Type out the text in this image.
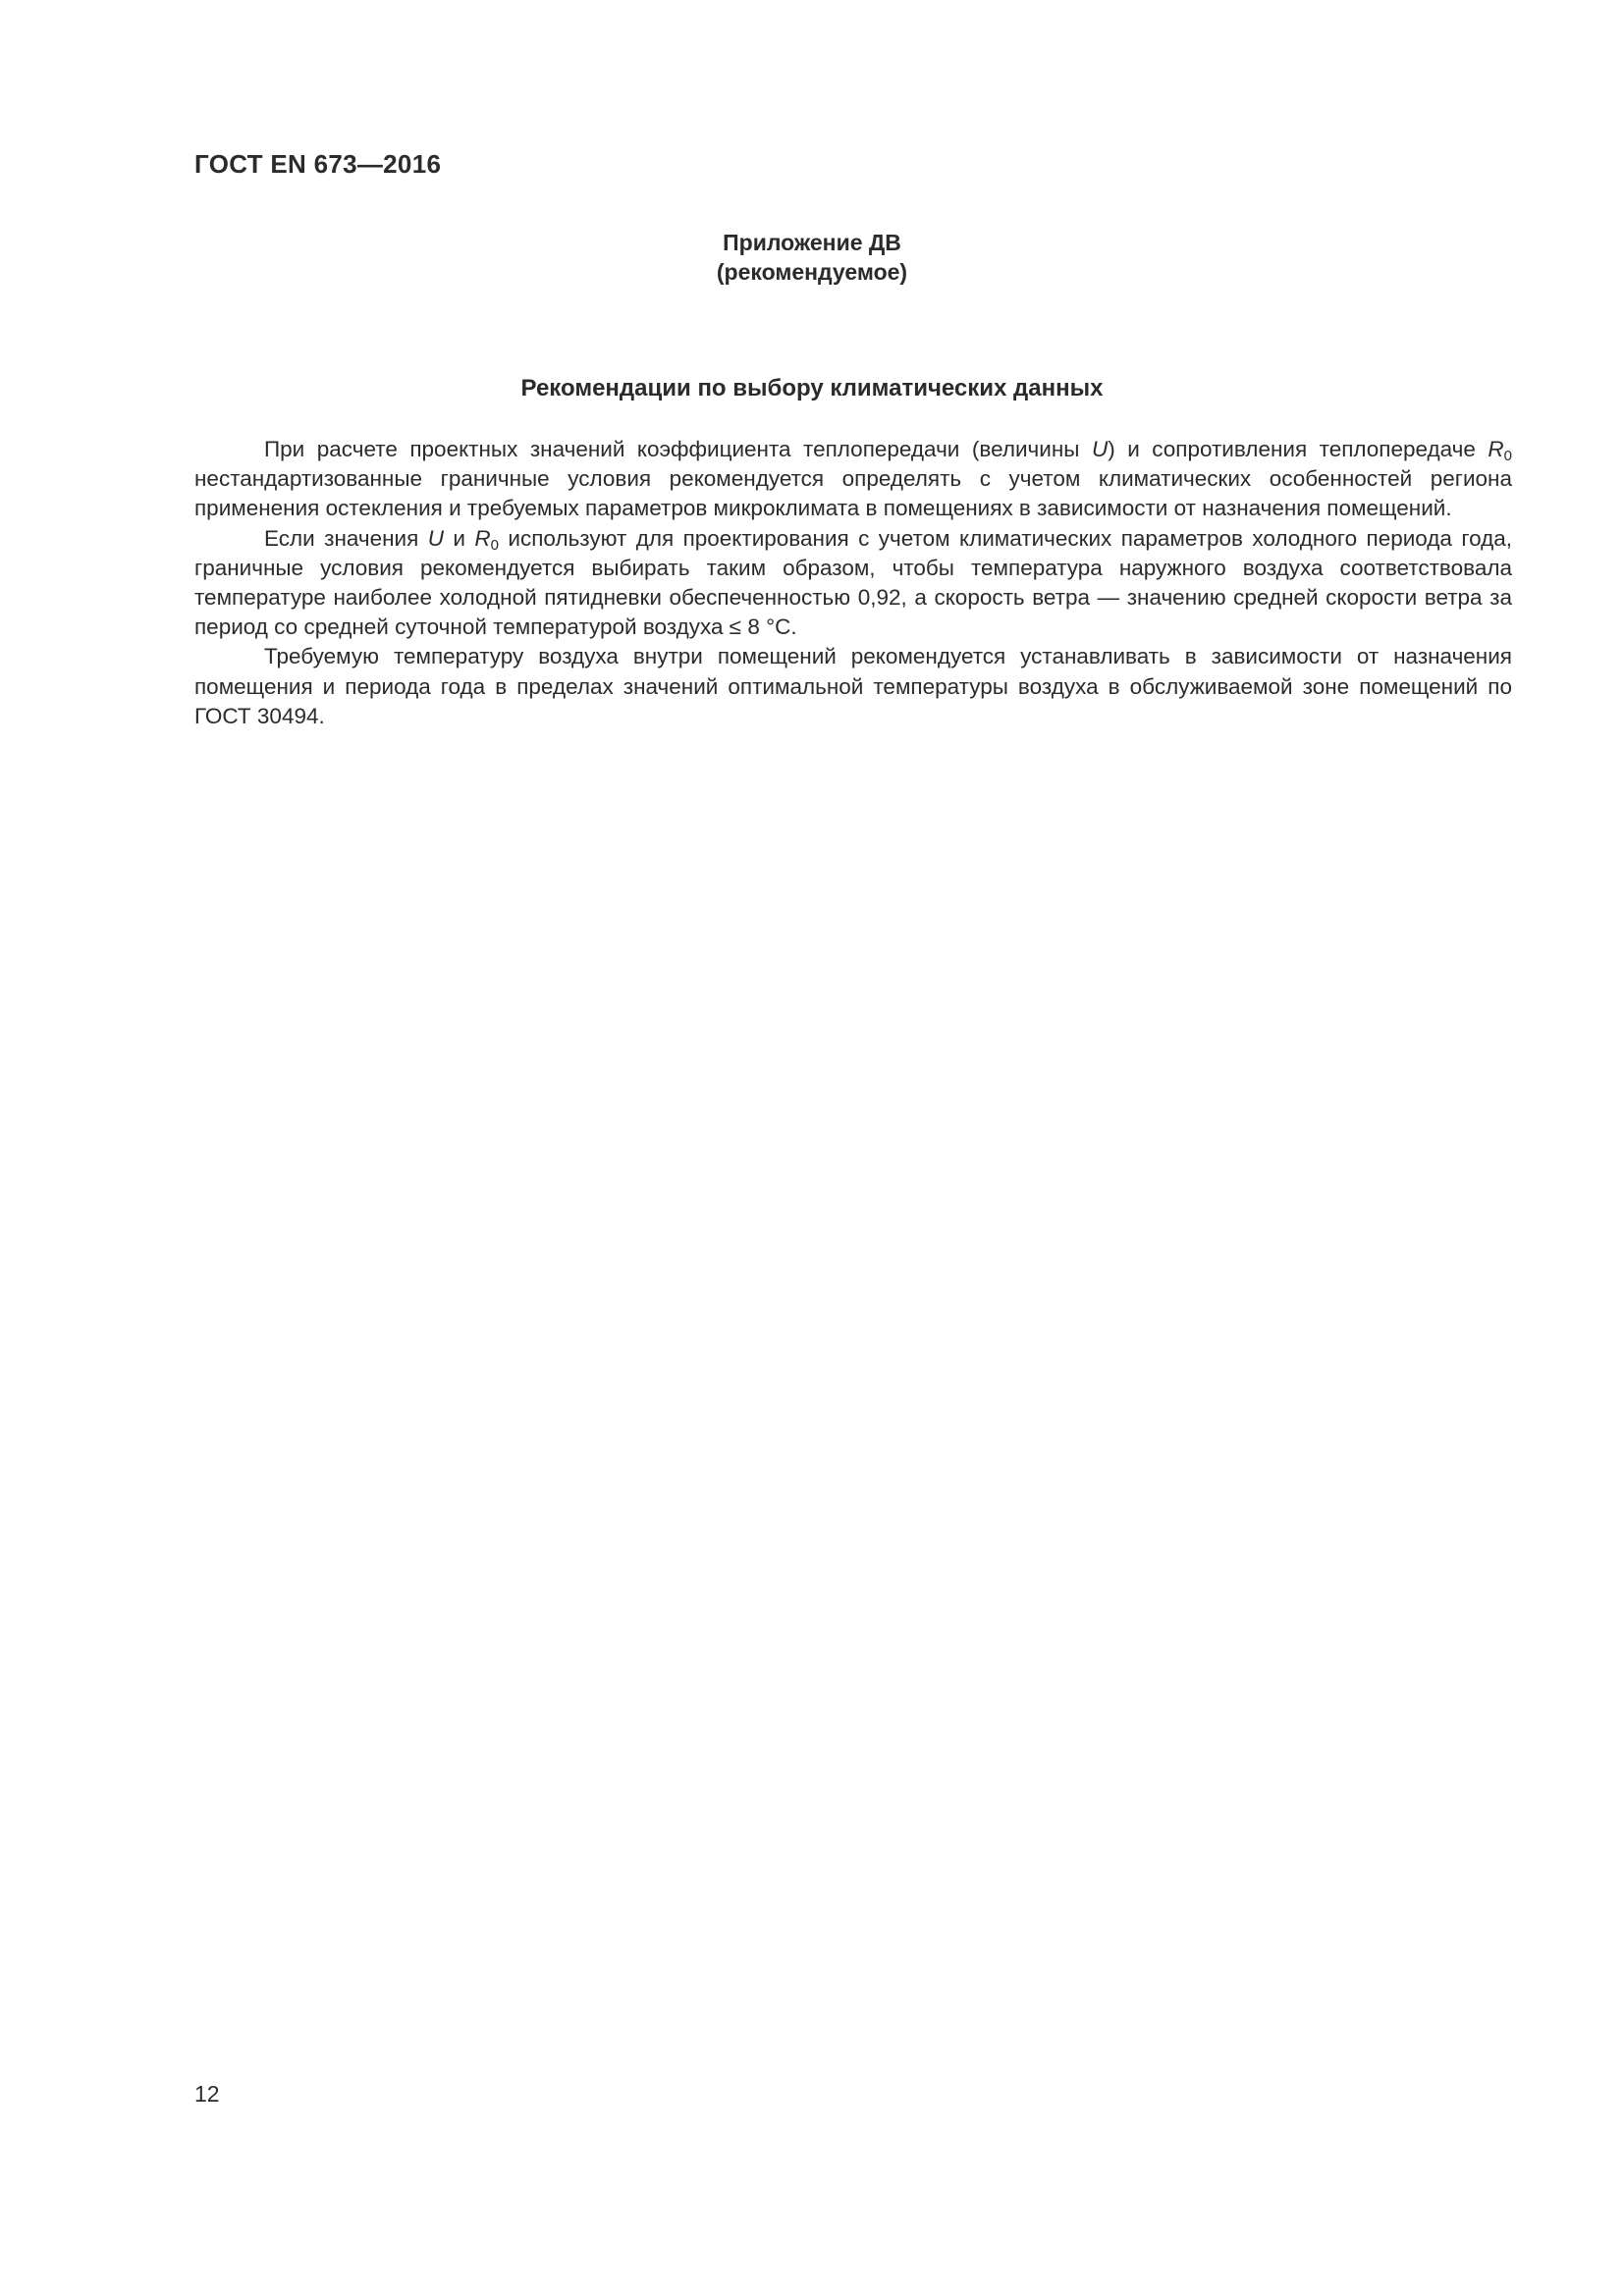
ГОСТ EN 673—2016
Приложение ДВ
(рекомендуемое)
Рекомендации по выбору климатических данных

При расчете проектных значений коэффициента теплопередачи (величины U) и сопротивления теплопередаче $R_0$ нестандартизованные граничные условия рекомендуется определять с учетом климатических особенностей региона применения остекления и требуемых параметров микроклимата в помещениях в зависимости от назначения помещений.

Если значения U и $R_0$ используют для проектирования с учетом климатических параметров холодного периода года, граничные условия рекомендуется выбирать таким образом, чтобы температура наружного воздуха соответствовала температуре наиболее холодной пятидневки обеспеченностью 0,92, а скорость ветра — значению средней скорости ветра за период со средней суточной температурой воздуха ≤ 8 °С.

Требуемую температуру воздуха внутри помещений рекомендуется устанавливать в зависимости от назначения помещения и периода года в пределах значений оптимальной температуры воздуха в обслуживаемой зоне помещений по ГОСТ 30494.

12
